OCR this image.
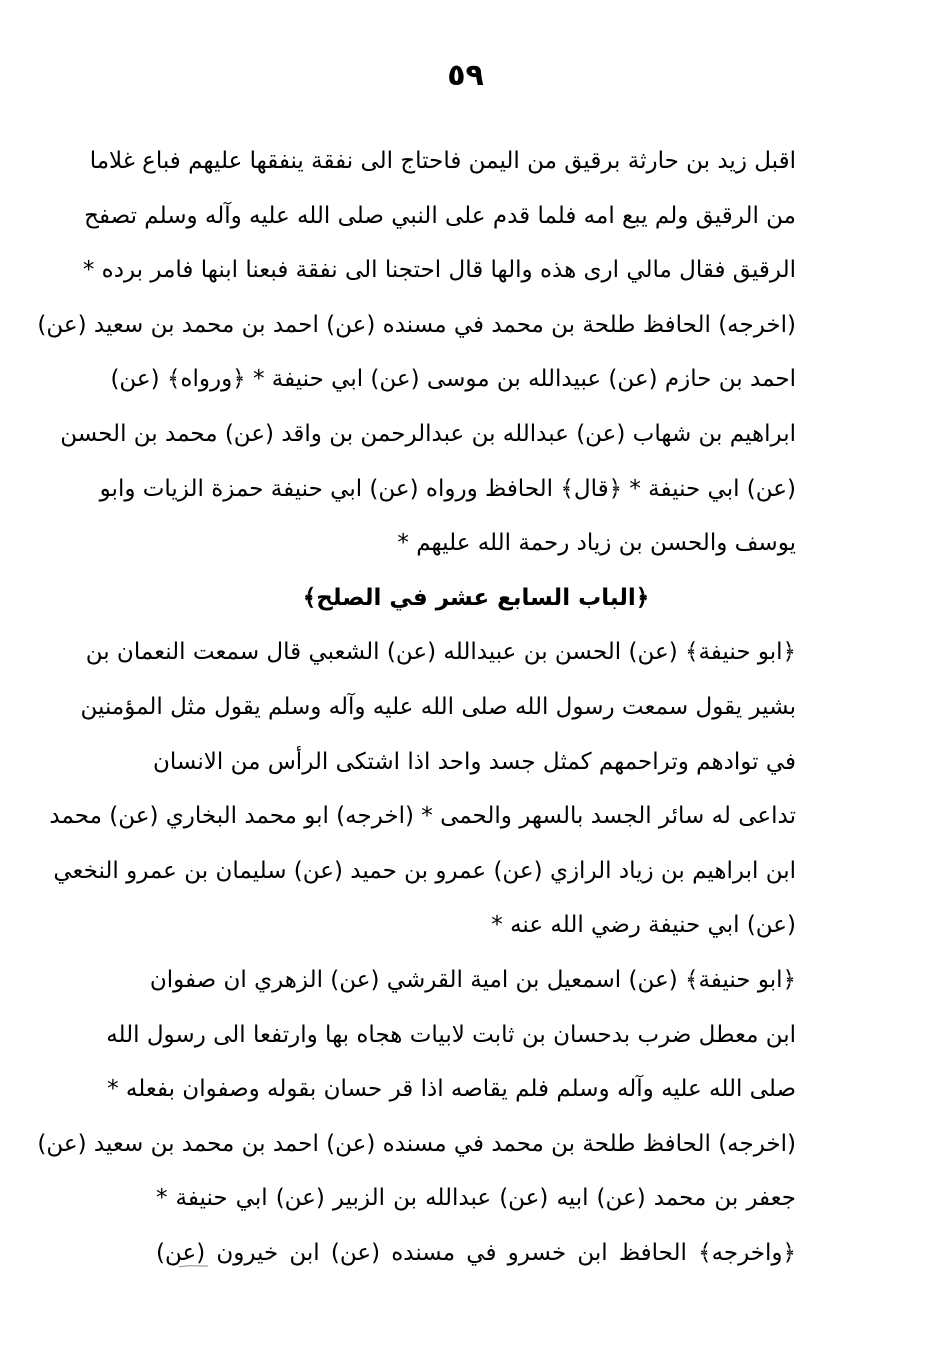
٥٩
اقبل زيد بن حارثة برقيق من اليمن فاحتاج الى نفقة ينفقها عليهم فباع غلاما
من الرقيق ولم يبع امه فلما قدم على النبي صلى الله عليه وآله وسلم تصفح
الرقيق فقال مالي ارى هذه والها قال احتجنا الى نفقة فبعنا ابنها فامر برده *
(اخرجه) الحافظ طلحة بن محمد في مسنده (عن) احمد بن محمد بن سعيد (عن)
احمد بن حازم (عن) عبيدالله بن موسى (عن) ابي حنيفة * ﴿ورواه﴾ (عن)
ابراهيم بن شهاب (عن) عبدالله بن عبدالرحمن بن واقد (عن) محمد بن الحسن
(عن) ابي حنيفة * ﴿قال﴾ الحافظ ورواه (عن) ابي حنيفة حمزة الزيات وابو
يوسف والحسن بن زياد رحمة الله عليهم *
﴿الباب السابع عشر في الصلح﴾
﴿ابو حنيفة﴾ (عن) الحسن بن عبيدالله (عن) الشعبي قال سمعت النعمان بن
بشير يقول سمعت رسول الله صلى الله عليه وآله وسلم يقول مثل المؤمنين
في توادهم وتراحمهم كمثل جسد واحد اذا اشتكى الرأس من الانسان
تداعى له سائر الجسد بالسهر والحمى * (اخرجه) ابو محمد البخاري (عن) محمد
ابن ابراهيم بن زياد الرازي (عن) عمرو بن حميد (عن) سليمان بن عمرو النخعي
(عن) ابي حنيفة رضي الله عنه *
﴿ابو حنيفة﴾ (عن) اسمعيل بن امية القرشي (عن) الزهري ان صفوان
ابن معطل ضرب بدحسان بن ثابت لابيات هجاه بها وارتفعا الى رسول الله
صلى الله عليه وآله وسلم فلم يقاصه اذا قر حسان بقوله وصفوان بفعله *
(اخرجه) الحافظ طلحة بن محمد في مسنده (عن) احمد بن محمد بن سعيد (عن)
جعفر بن محمد (عن) ابيه (عن) عبدالله بن الزبير (عن) ابي حنيفة *
﴿واخرجه﴾ الحافظ ابن خسرو في مسنده (عن) ابن خيرون (عن)
